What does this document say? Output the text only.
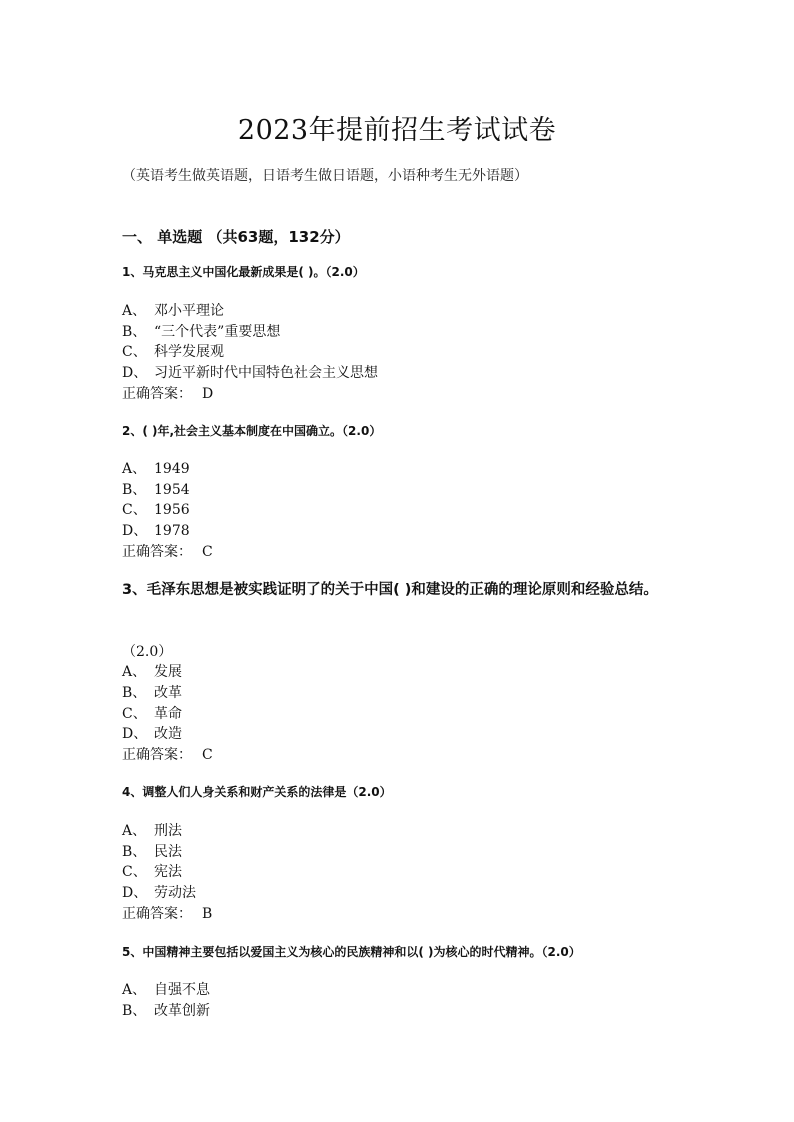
2023年提前招生考试试卷
（英语考生做英语题，日语考生做日语题，小语种考生无外语题）
一、 单选题 （共63题，132分）
1、马克思主义中国化最新成果是( )。（2.0）
A、 邓小平理论
B、 “三个代表”重要思想
C、 科学发展观
D、 习近平新时代中国特色社会主义思想
正确答案： D
2、( )年,社会主义基本制度在中国确立。（2.0）
A、 1949
B、 1954
C、 1956
D、 1978
正确答案： C
3、毛泽东思想是被实践证明了的关于中国( )和建设的正确的理论原则和经验总结。
（2.0）
A、 发展
B、 改革
C、 革命
D、 改造
正确答案： C
4、调整人们人身关系和财产关系的法律是（2.0）
A、 刑法
B、 民法
C、 宪法
D、 劳动法
正确答案： B
5、中国精神主要包括以爱国主义为核心的民族精神和以( )为核心的时代精神。（2.0）
A、 自强不息
B、 改革创新
